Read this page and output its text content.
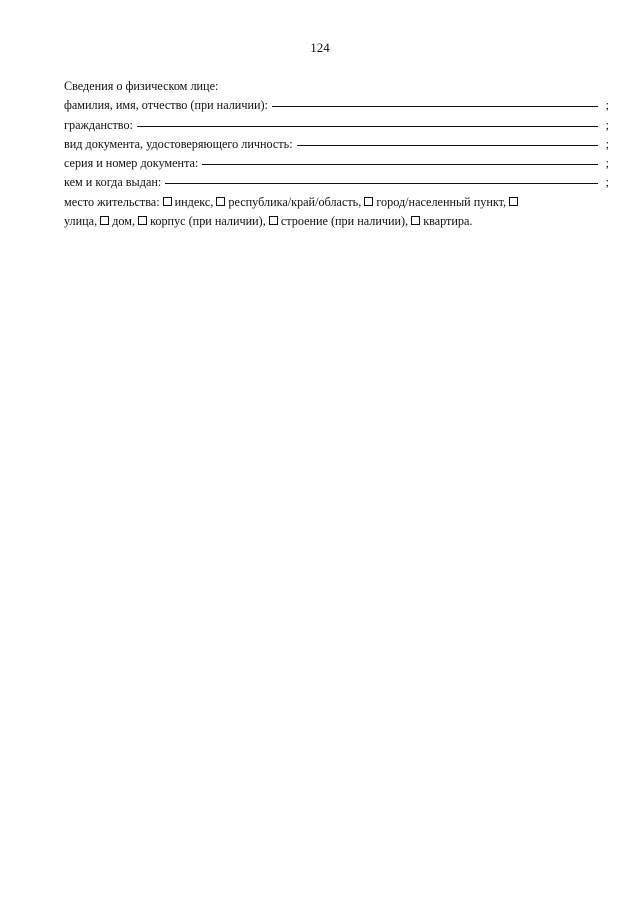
124
Сведения о физическом лице:
фамилия, имя, отчество (при наличии):	;
гражданство:	;
вид документа, удостоверяющего личность:	;
серия и номер документа:	;
кем и когда выдан:	;
место жительства:
	индекс,
	республика/край/область,
	город/населенный пункт,

улица,
	дом,
	корпус (при наличии),
	строение (при наличии),
	квартира.
